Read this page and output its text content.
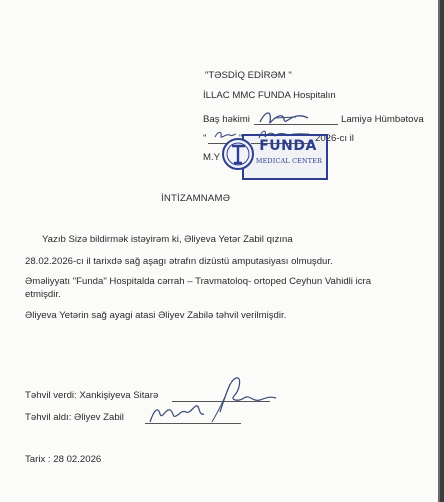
"TƏSDİQ EDİRƏM "
İLLAC MMC FUNDA Hospitalın
Baş həkimi	Lamiyə Hümbətova
"	2026-cı il
M.Y
FUNDA
MEDICAL CENTER
İNTİZAMNAMƏ
Yazıb Sizə bildirmək istəyirəm ki, Əliyeva Yetər Zabil qızına
28.02.2026-cı il tarixdə sağ aşagı ətrafın dizüstü amputasiyası olmuşdur.
Əməliyyatı "Funda" Hospitalda cərrah – Travmatoloq- ortoped Ceyhun Vahidli icra
etmişdir.
Əliyeva Yetərin sağ ayagi atasi Əliyev Zabilə təhvil verilmişdir.
Təhvil verdi: Xankişiyeva Sitarə
Təhvil aldı: Əliyev Zabil
Tarix : 28 02.2026
